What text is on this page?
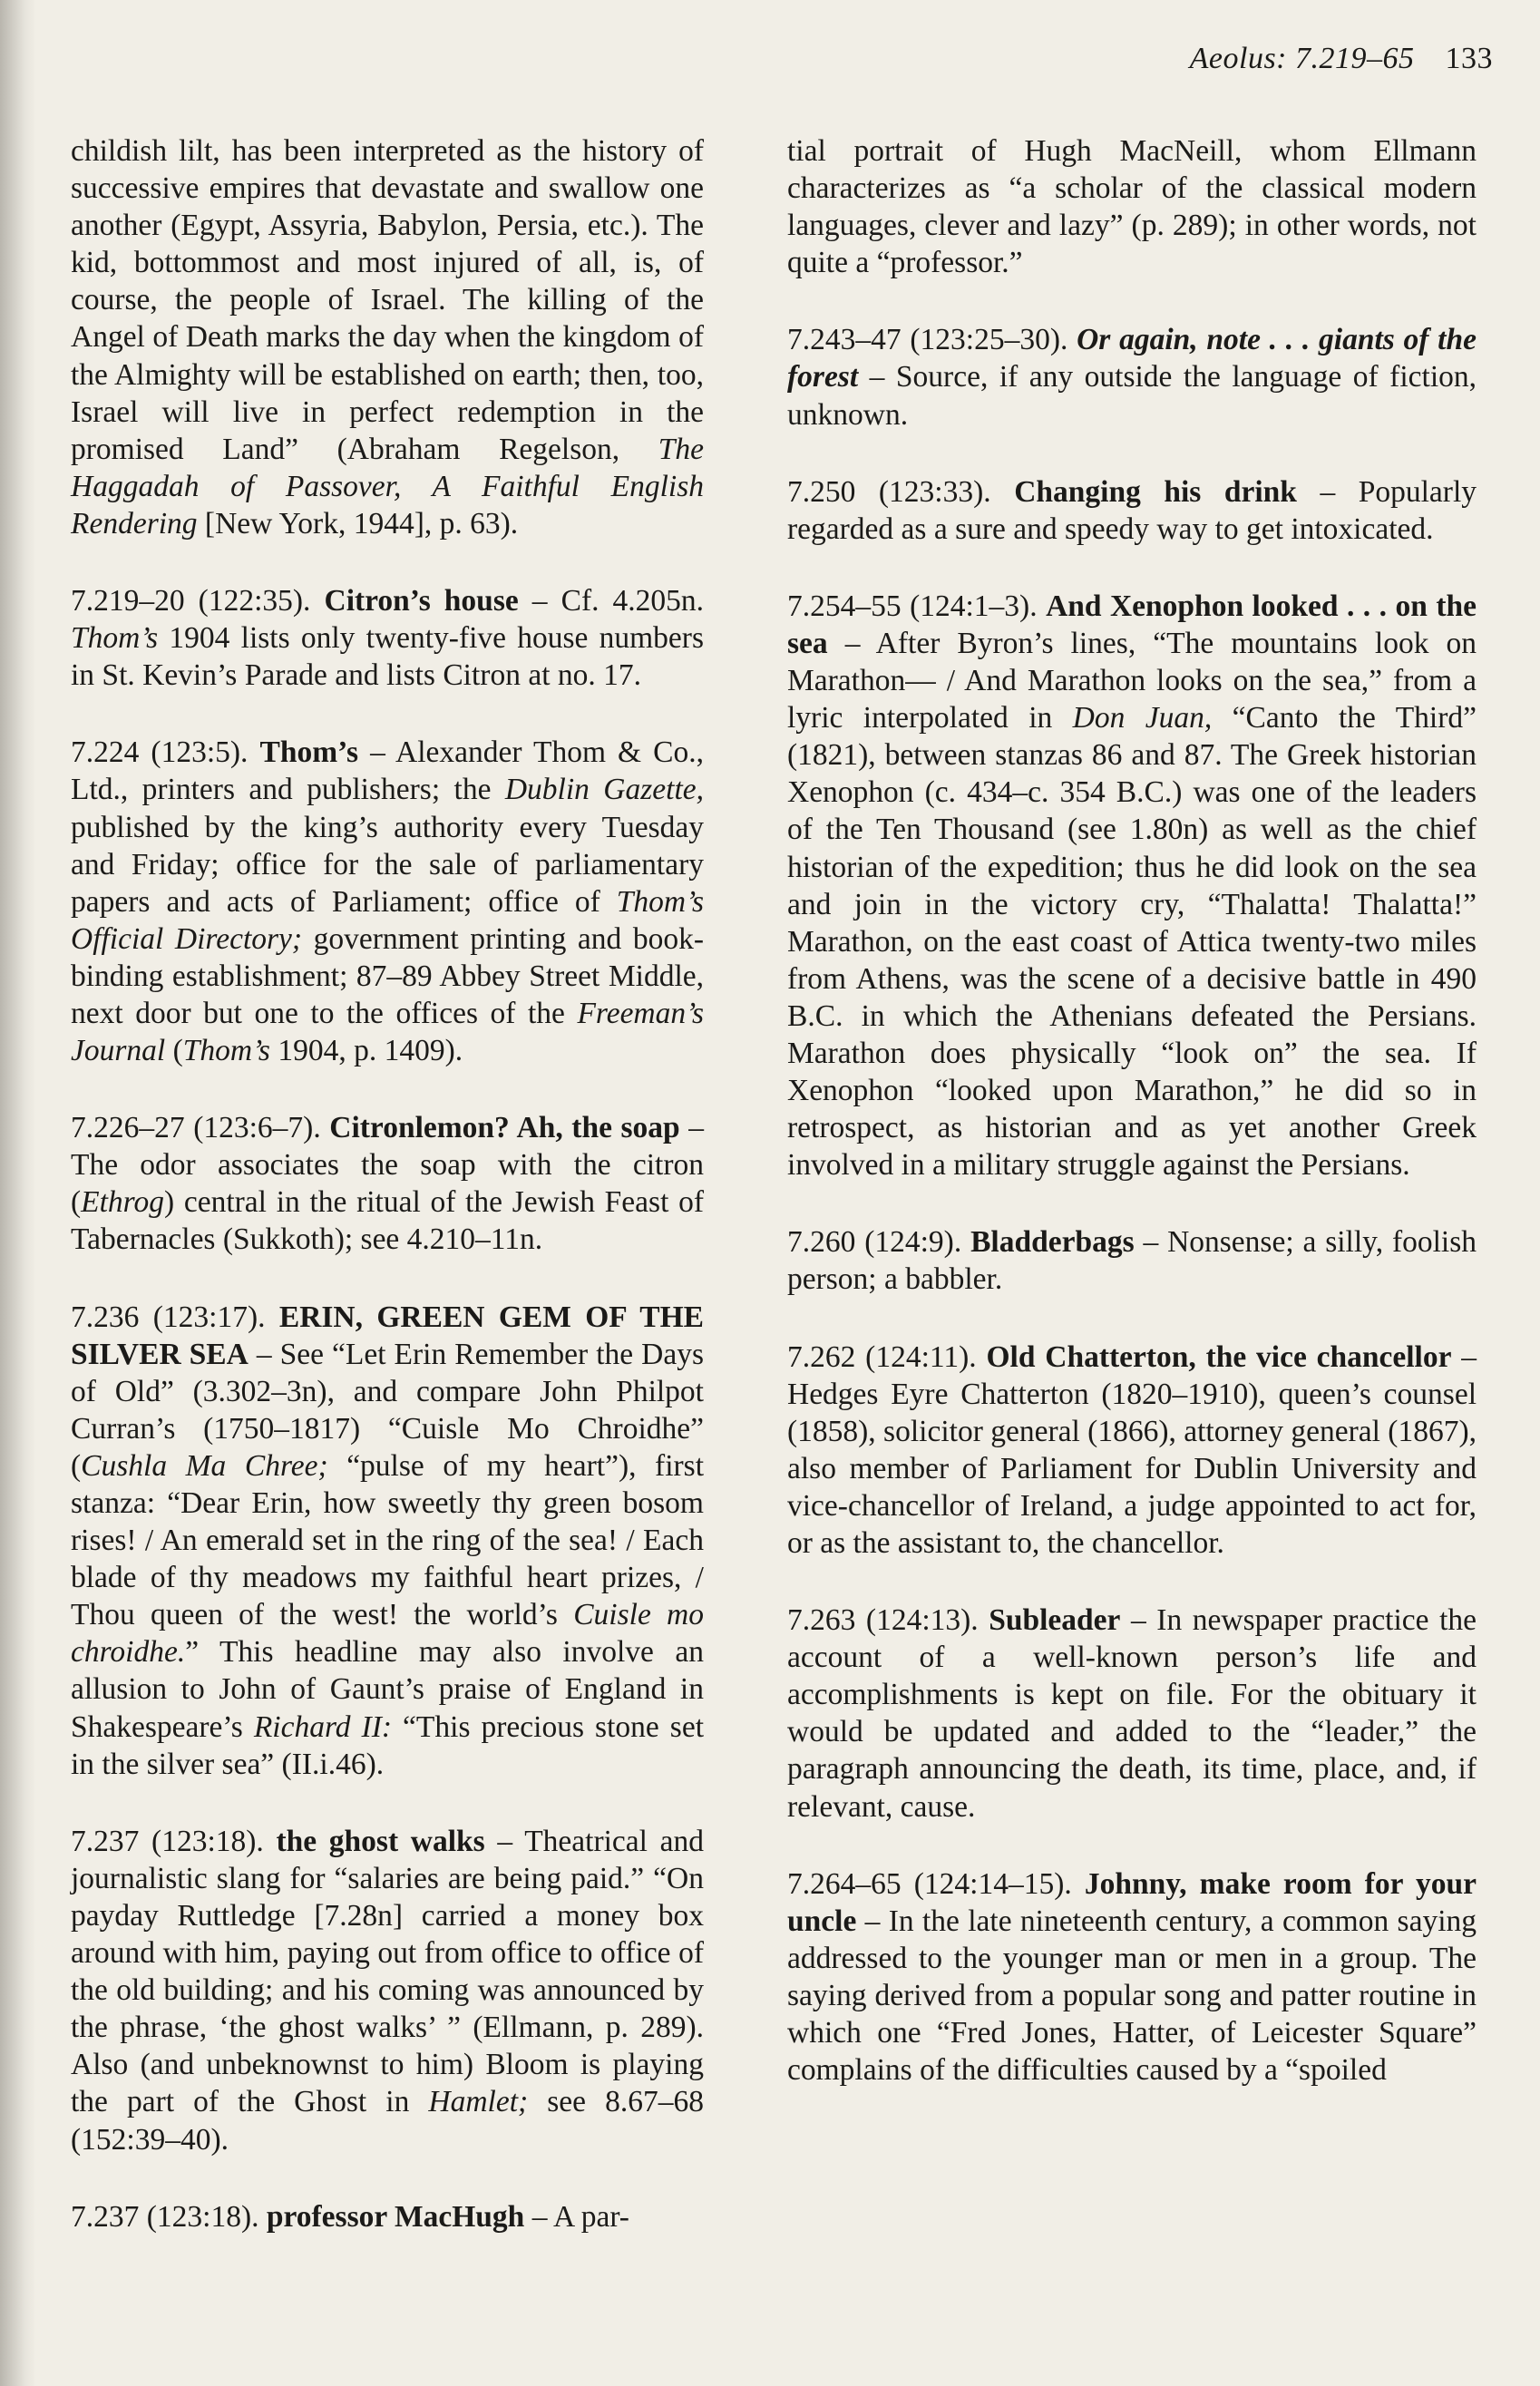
Aeolus: 7.219–65 133

childish lilt, has been interpreted as the history of successive empires that devastate and swallow one another (Egypt, Assyria, Babylon, Persia, etc.). The kid, bottommost and most injured of all, is, of course, the people of Israel. The killing of the Angel of Death marks the day when the kingdom of the Almighty will be established on earth; then, too, Israel will live in perfect redemption in the promised Land” (Abraham Regelson, The Haggadah of Passover, A Faithful English Rendering [New York, 1944], p. 63).

7.219–20 (122:35). Citron’s house – Cf. 4.205n. Thom’s 1904 lists only twenty-five house numbers in St. Kevin’s Parade and lists Citron at no. 17.

7.224 (123:5). Thom’s – Alexander Thom & Co., Ltd., printers and publishers; the Dublin Gazette, published by the king’s authority every Tuesday and Friday; office for the sale of parliamentary papers and acts of Parliament; office of Thom’s Official Directory; government printing and book-binding establishment; 87–89 Abbey Street Middle, next door but one to the offices of the Freeman’s Journal (Thom’s 1904, p. 1409).

7.226–27 (123:6–7). Citronlemon? Ah, the soap – The odor associates the soap with the citron (Ethrog) central in the ritual of the Jewish Feast of Tabernacles (Sukkoth); see 4.210–11n.

7.236 (123:17). ERIN, GREEN GEM OF THE SILVER SEA – See “Let Erin Remember the Days of Old” (3.302–3n), and compare John Philpot Curran’s (1750–1817) “Cuisle Mo Chroidhe” (Cushla Ma Chree; “pulse of my heart”), first stanza: “Dear Erin, how sweetly thy green bosom rises! / An emerald set in the ring of the sea! / Each blade of thy meadows my faithful heart prizes, / Thou queen of the west! the world’s Cuisle mo chroidhe.” This headline may also involve an allusion to John of Gaunt’s praise of England in Shakespeare’s Richard II: “This precious stone set in the silver sea” (II.i.46).

7.237 (123:18). the ghost walks – Theatrical and journalistic slang for “salaries are being paid.” “On payday Ruttledge [7.28n] carried a money box around with him, paying out from office to office of the old building; and his coming was announced by the phrase, ‘the ghost walks’ ” (Ellmann, p. 289). Also (and unbeknownst to him) Bloom is playing the part of the Ghost in Hamlet; see 8.67–68 (152:39–40).

7.237 (123:18). professor MacHugh – A par-

tial portrait of Hugh MacNeill, whom Ellmann characterizes as “a scholar of the classical modern languages, clever and lazy” (p. 289); in other words, not quite a “professor.”

7.243–47 (123:25–30). Or again, note . . . giants of the forest – Source, if any outside the language of fiction, unknown.

7.250 (123:33). Changing his drink – Popularly regarded as a sure and speedy way to get intoxicated.

7.254–55 (124:1–3). And Xenophon looked . . . on the sea – After Byron’s lines, “The mountains look on Marathon— / And Marathon looks on the sea,” from a lyric interpolated in Don Juan, “Canto the Third” (1821), between stanzas 86 and 87. The Greek historian Xenophon (c. 434–c. 354 B.C.) was one of the leaders of the Ten Thousand (see 1.80n) as well as the chief historian of the expedition; thus he did look on the sea and join in the victory cry, “Thalatta! Thalatta!” Marathon, on the east coast of Attica twenty-two miles from Athens, was the scene of a decisive battle in 490 B.C. in which the Athenians defeated the Persians. Marathon does physically “look on” the sea. If Xenophon “looked upon Marathon,” he did so in retrospect, as historian and as yet another Greek involved in a military struggle against the Persians.

7.260 (124:9). Bladderbags – Nonsense; a silly, foolish person; a babbler.

7.262 (124:11). Old Chatterton, the vice chancellor – Hedges Eyre Chatterton (1820–1910), queen’s counsel (1858), solicitor general (1866), attorney general (1867), also member of Parliament for Dublin University and vice-chancellor of Ireland, a judge appointed to act for, or as the assistant to, the chancellor.

7.263 (124:13). Subleader – In newspaper practice the account of a well-known person’s life and accomplishments is kept on file. For the obituary it would be updated and added to the “leader,” the paragraph announcing the death, its time, place, and, if relevant, cause.

7.264–65 (124:14–15). Johnny, make room for your uncle – In the late nineteenth century, a common saying addressed to the younger man or men in a group. The saying derived from a popular song and patter routine in which one “Fred Jones, Hatter, of Leicester Square” complains of the difficulties caused by a “spoiled
